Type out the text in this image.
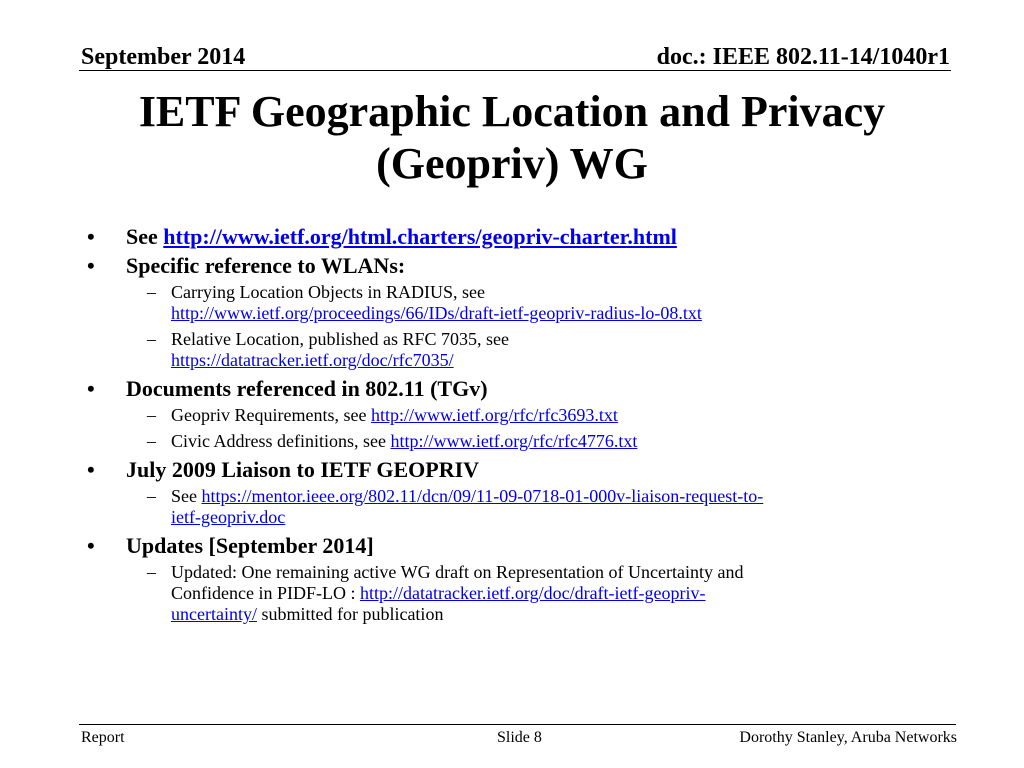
September 2014	doc.: IEEE 802.11-14/1040r1
IETF Geographic Location and Privacy
(Geopriv) WG
• See http://www.ietf.org/html.charters/geopriv-charter.html
• Specific reference to WLANs:
– Carrying Location Objects in RADIUS, see
http://www.ietf.org/proceedings/66/IDs/draft-ietf-geopriv-radius-lo-08.txt
– Relative Location, published as RFC 7035, see
https://datatracker.ietf.org/doc/rfc7035/
• Documents referenced in 802.11 (TGv)
– Geopriv Requirements, see http://www.ietf.org/rfc/rfc3693.txt
– Civic Address definitions, see http://www.ietf.org/rfc/rfc4776.txt
• July 2009 Liaison to IETF GEOPRIV
– See https://mentor.ieee.org/802.11/dcn/09/11-09-0718-01-000v-liaison-request-to-
ietf-geopriv.doc
• Updates [September 2014]
– Updated: One remaining active WG draft on Representation of Uncertainty and
Confidence in PIDF-LO : http://datatracker.ietf.org/doc/draft-ietf-geopriv-
uncertainty/ submitted for publication
Report	Slide 8	Dorothy Stanley, Aruba Networks
